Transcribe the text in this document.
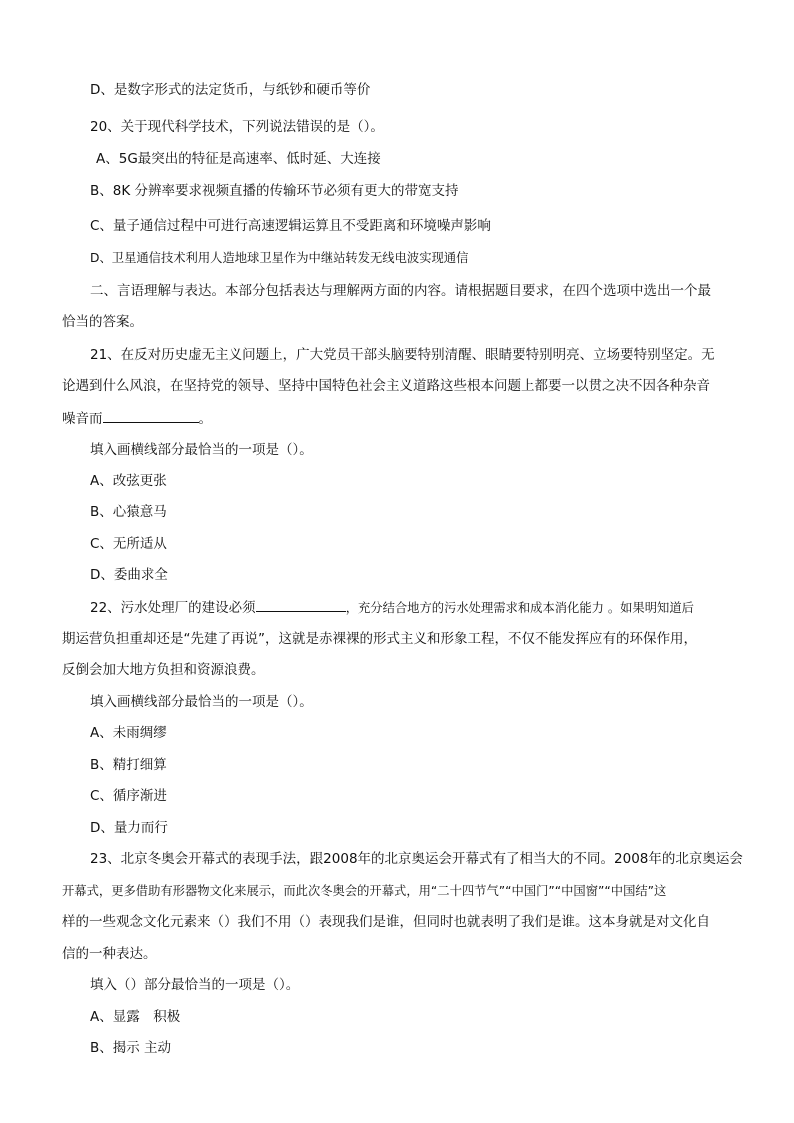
D、是数字形式的法定货币，与纸钞和硬币等价
20、关于现代科学技术，下列说法错误的是（）。
A、5G最突出的特征是高速率、低时延、大连接
B、8K 分辨率要求视频直播的传输环节必须有更大的带宽支持
C、量子通信过程中可进行高速逻辑运算且不受距离和环境噪声影响
D、卫星通信技术利用人造地球卫星作为中继站转发无线电波实现通信
二、言语理解与表达。本部分包括表达与理解两方面的内容。请根据题目要求，在四个选项中选出一个最
恰当的答案。
21、在反对历史虚无主义问题上，广大党员干部头脑要特别清醒、眼睛要特别明亮、立场要特别坚定。无
论遇到什么风浪，在坚持党的领导、坚持中国特色社会主义道路这些根本问题上都要一以贯之决不因各种杂音
噪音而	。
填入画横线部分最恰当的一项是（）。
A、改弦更张
B、心猿意马
C、无所适从
D、委曲求全
22、污水处理厂的建设必须	，充分结合地方的污水处理需求和成本消化能力 。如果明知道后
期运营负担重却还是“先建了再说”，这就是赤裸裸的形式主义和形象工程，不仅不能发挥应有的环保作用，
反倒会加大地方负担和资源浪费。
填入画横线部分最恰当的一项是（）。
A、未雨绸缪
B、精打细算
C、循序渐进
D、量力而行
23、北京冬奥会开幕式的表现手法，跟2008年的北京奥运会开幕式有了相当大的不同。2008年的北京奥运会
开幕式，更多借助有形器物文化来展示，而此次冬奥会的开幕式，用“二十四节气”“中国门”“中国窗”“中国结”这
样的一些观念文化元素来（）我们不用（）表现我们是谁，但同时也就表明了我们是谁。这本身就是对文化自
信的一种表达。
填入（）部分最恰当的一项是（）。
A、显露　积极
B、揭示 主动
